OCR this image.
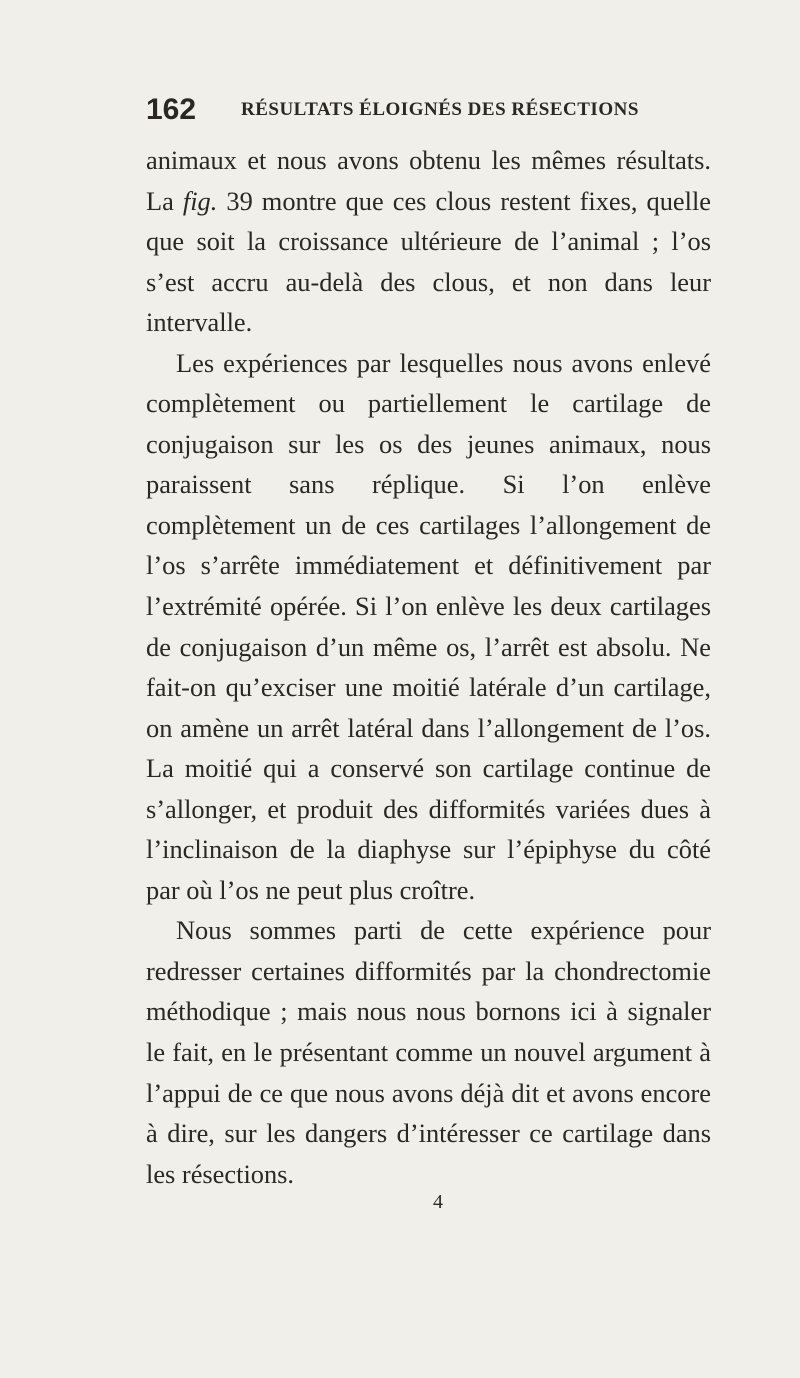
162 RÉSULTATS ÉLOIGNÉS DES RÉSECTIONS

animaux et nous avons obtenu les mêmes résultats. La fig. 39 montre que ces clous restent fixes, quelle que soit la croissance ultérieure de l’animal ; l’os s’est accru au-delà des clous, et non dans leur intervalle.

Les expériences par lesquelles nous avons enlevé complètement ou partiellement le cartilage de conjugaison sur les os des jeunes animaux, nous paraissent sans réplique. Si l’on enlève complètement un de ces cartilages l’allongement de l’os s’arrête immédiatement et définitivement par l’extrémité opérée. Si l’on enlève les deux cartilages de conjugaison d’un même os, l’arrêt est absolu. Ne fait-on qu’exciser une moitié latérale d’un cartilage, on amène un arrêt latéral dans l’allongement de l’os. La moitié qui a conservé son cartilage continue de s’allonger, et produit des difformités variées dues à l’inclinaison de la diaphyse sur l’épiphyse du côté par où l’os ne peut plus croître.

Nous sommes parti de cette expérience pour redresser certaines difformités par la chondrectomie méthodique ; mais nous nous bornons ici à signaler le fait, en le présentant comme un nouvel argument à l’appui de ce que nous avons déjà dit et avons encore à dire, sur les dangers d’intéresser ce cartilage dans les résections.

4
